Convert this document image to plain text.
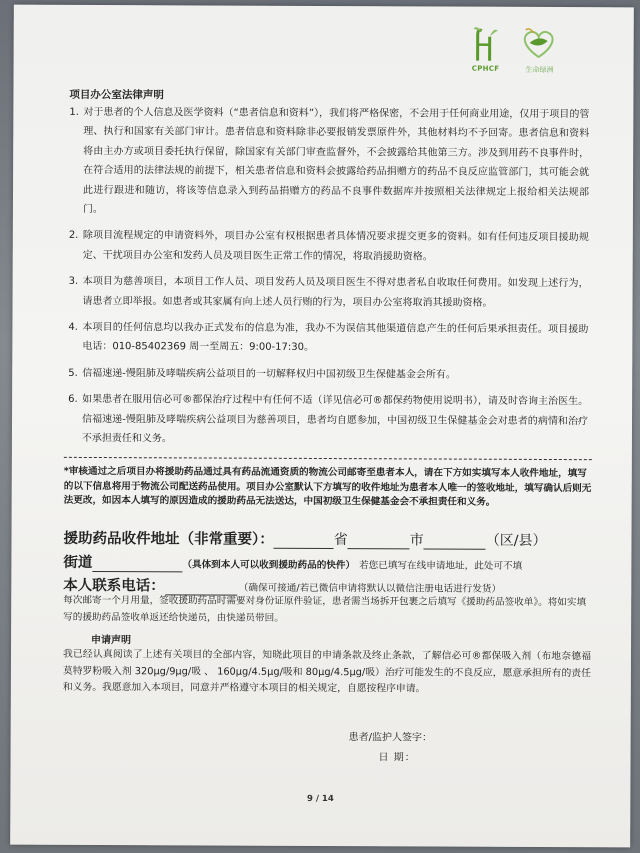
CPHCF	生命绿洲
项目办公室法律声明
1. 对于患者的个人信息及医学资料（“患者信息和资料”），我们将严格保密，不会用于任何商业用途，仅用于项目的管理、执行和国家有关部门审计。患者信息和资料除非必要报销发票原件外，其他材料均不予回寄。患者信息和资料将由主办方或项目委托执行保留，除国家有关部门审查监督外，不会披露给其他第三方。涉及到用药不良事件时，在符合适用的法律法规的前提下，相关患者信息和资料会披露给药品捐赠方的药品不良反应监管部门，其可能会就此进行跟进和随访，将该等信息录入到药品捐赠方的药品不良事件数据库并按照相关法律规定上报给相关法规部门。
2. 除项目流程规定的申请资料外，项目办公室有权根据患者具体情况要求提交更多的资料。如有任何违反项目援助规定、干扰项目办公室和发药人员及项目医生正常工作的情况，将取消援助资格。
3. 本项目为慈善项目，本项目工作人员、项目发药人员及项目医生不得对患者私自收取任何费用。如发现上述行为，请患者立即举报。如患者或其家属有向上述人员行贿的行为，项目办公室将取消其援助资格。
4. 本项目的任何信息均以我办正式发布的信息为准，我办不为误信其他渠道信息产生的任何后果承担责任。项目援助电话：010-85402369 周一至周五：9:00-17:30。
5. 信福速递-慢阻肺及哮喘疾病公益项目的一切解释权归中国初级卫生保健基金会所有。
6. 如果患者在服用信必可®都保治疗过程中有任何不适（详见信必可®都保药物使用说明书），请及时咨询主治医生。信福速递-慢阻肺及哮喘疾病公益项目为慈善项目，患者均自愿参加，中国初级卫生保健基金会对患者的病情和治疗不承担责任和义务。
*审核通过之后项目办将援助药品通过具有药品流通资质的物流公司邮寄至患者本人，请在下方如实填写本人收件地址，填写的以下信息将用于物流公司配送药品使用。项目办公室默认下方填写的收件地址为患者本人唯一的签收地址，填写确认后则无法更改，如因本人填写的原因造成的援助药品无法送达，中国初级卫生保健基金会不承担责任和义务。
援助药品收件地址（非常重要）：	省	市	（区/县）
街道	（具体到本人可以收到援助药品的快件） 若您已填写在线申请地址，此处可不填
本人联系电话：	（确保可接通/若已微信申请将默认以微信注册电话进行发货）
每次邮寄一个月用量，签收援助药品时需要对身份证原件验证，患者需当场拆开包裹之后填写《援助药品签收单》。将如实填写的援助药品签收单返还给快递员，由快递员带回。
申请声明
我已经认真阅读了上述有关项目的全部内容，知晓此项目的申请条款及终止条款，了解信必可®都保吸入剂（布地奈德福莫特罗粉吸入剂 320μg/9μg/吸 、 160μg/4.5μg/吸和 80μg/4.5μg/吸）治疗可能发生的不良反应，愿意承担所有的责任和义务。我愿意加入本项目，同意并严格遵守本项目的相关规定，自愿按程序申请。
患者/监护人签字：
日 期：
9 / 14
